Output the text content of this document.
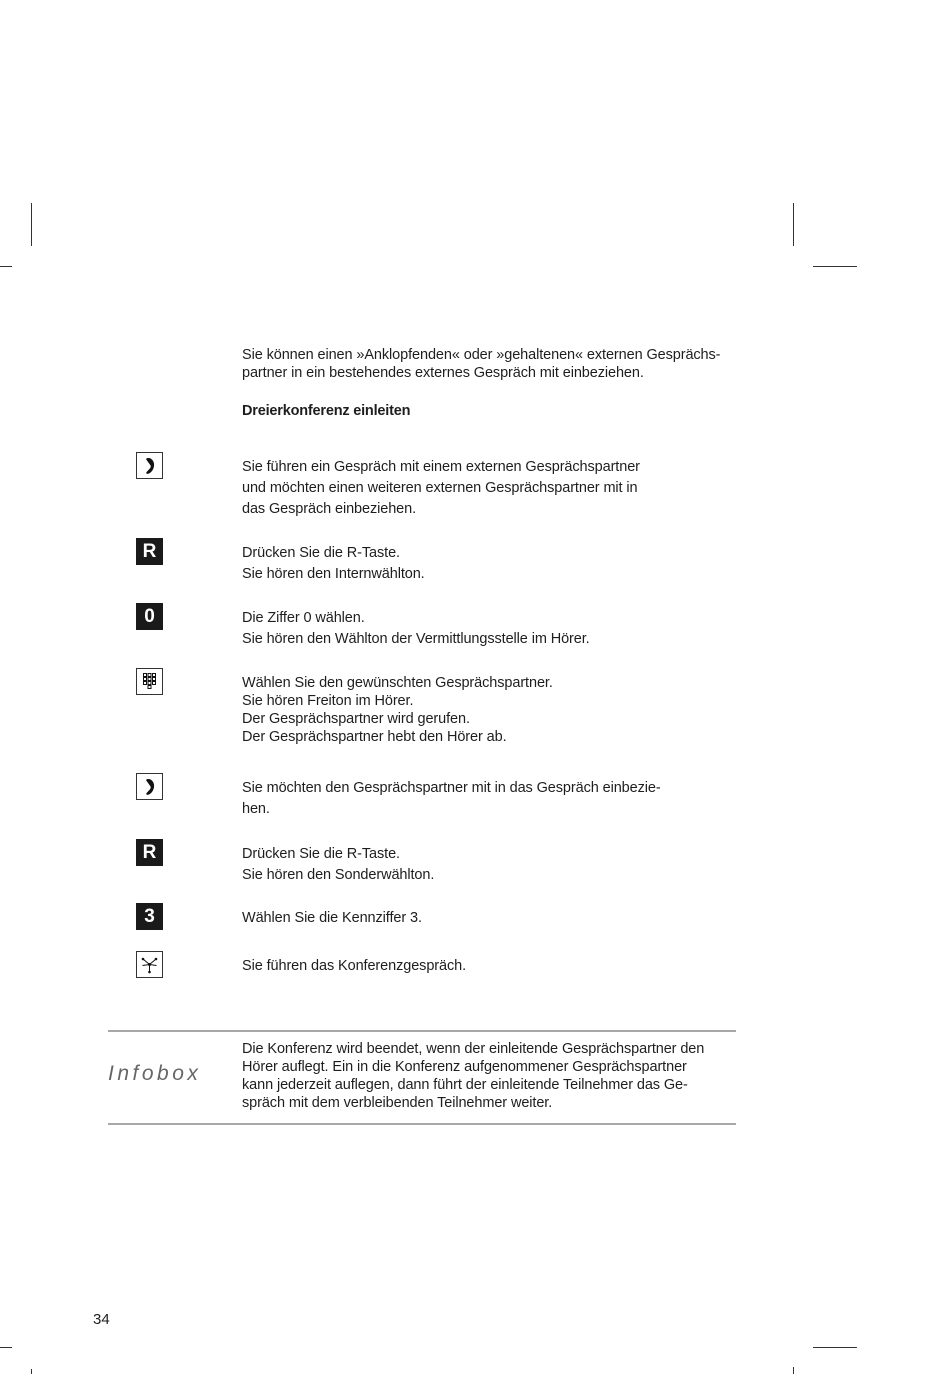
Sie können einen »Anklopfenden« oder »gehaltenen« externen Gesprächs-
partner in ein bestehendes externes Gespräch mit einbeziehen.
Dreierkonferenz einleiten
Sie führen ein Gespräch mit einem externen Gesprächspartner
und möchten einen weiteren externen Gesprächspartner mit in
das Gespräch einbeziehen.
R	Drücken Sie die R-Taste.
Sie hören den Internwählton.
0	Die Ziffer 0 wählen.
Sie hören den Wählton der Vermittlungsstelle im Hörer.
Wählen Sie den gewünschten Gesprächspartner.
Sie hören Freiton im Hörer.
Der Gesprächspartner wird gerufen.
Der Gesprächspartner hebt den Hörer ab.
Sie möchten den Gesprächspartner mit in das Gespräch einbezie-
hen.
R	Drücken Sie die R-Taste.
Sie hören den Sonderwählton.
3	Wählen Sie die Kennziffer 3.
Sie führen das Konferenzgespräch.
Infobox
Die Konferenz wird beendet, wenn der einleitende Gesprächspartner den
Hörer auflegt. Ein in die Konferenz aufgenommener Gesprächspartner
kann jederzeit auflegen, dann führt der einleitende Teilnehmer das Ge-
spräch mit dem verbleibenden Teilnehmer weiter.
34
